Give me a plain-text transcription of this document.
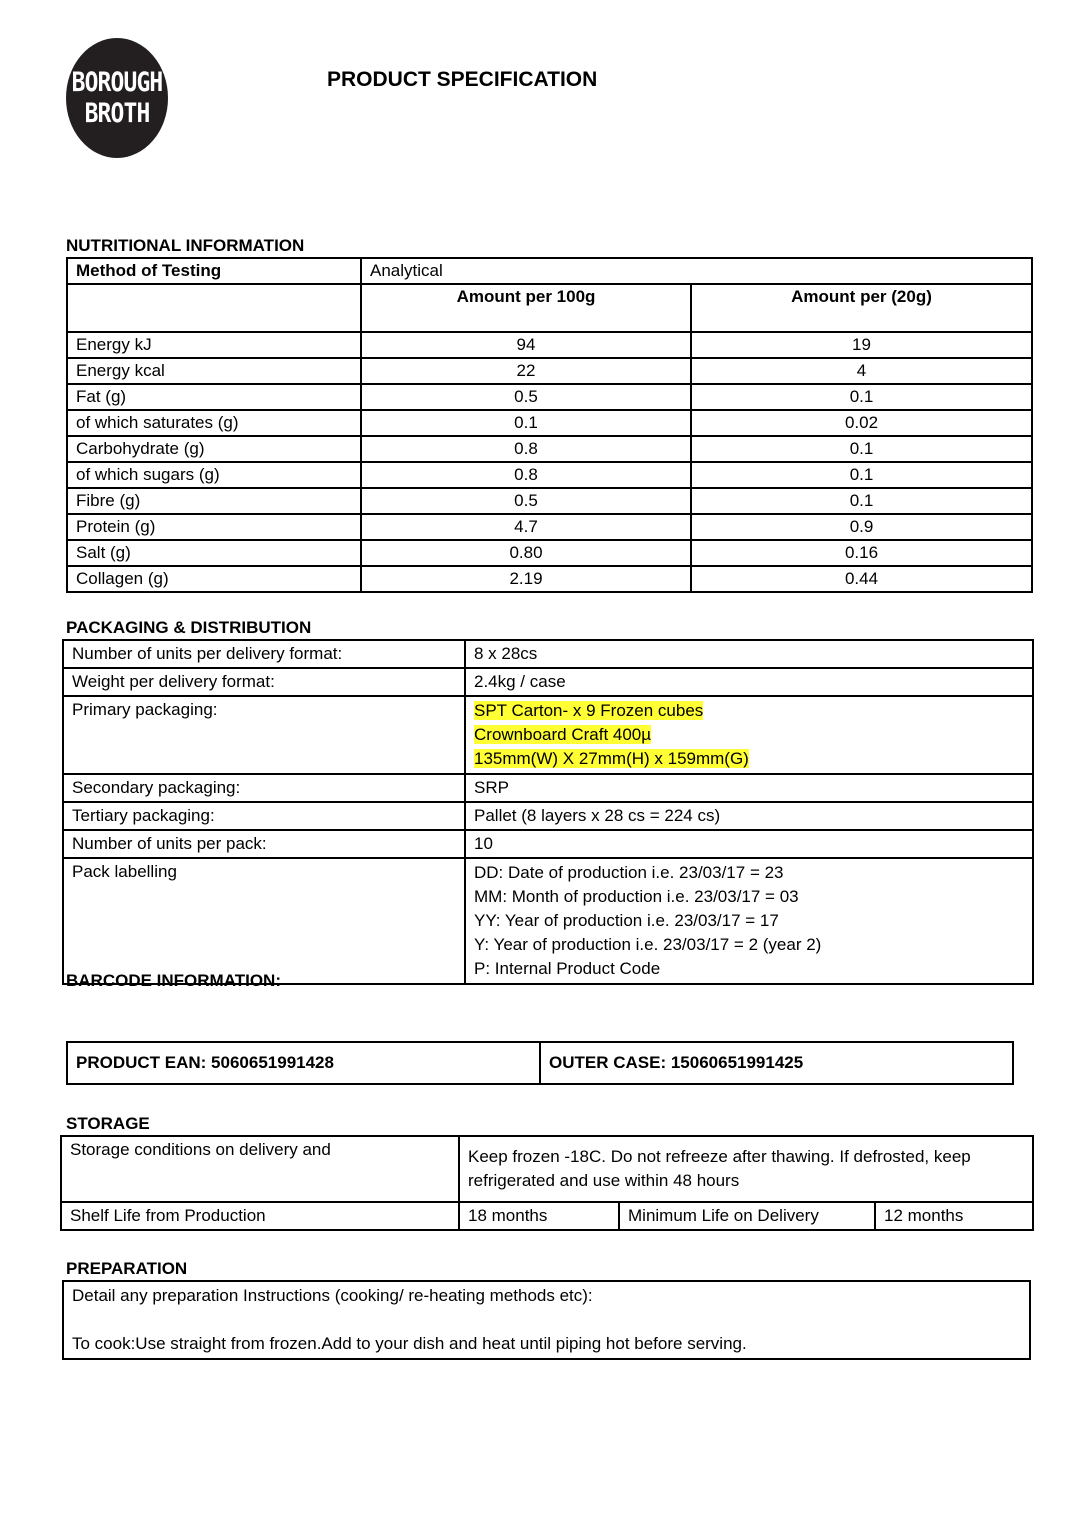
BOROUGH
BROTH
PRODUCT SPECIFICATION
NUTRITIONAL INFORMATION
Method of Testing	Analytical	
	Amount per 100g	Amount per (20g)
Energy kJ	94	19
Energy kcal	22	4
Fat (g)	0.5	0.1
of which saturates (g)	0.1	0.02
Carbohydrate (g)	0.8	0.1
of which sugars (g)	0.8	0.1
Fibre (g)	0.5	0.1
Protein (g)	4.7	0.9
Salt (g)	0.80	0.16
Collagen (g)	2.19	0.44
PACKAGING & DISTRIBUTION
Number of units per delivery format:	8 x 28cs
Weight per delivery format:	2.4kg / case
Primary packaging:	SPT Carton- x 9 Frozen cubes
Crownboard Craft 400µ
135mm(W) X 27mm(H) x 159mm(G)

Secondary packaging:	SRP
Tertiary packaging:	Pallet (8 layers x 28 cs = 224 cs)
Number of units per pack:	10
Pack labelling	DD: Date of production i.e. 23/03/17 = 23
MM: Month of production i.e. 23/03/17 = 03
YY: Year of production i.e. 23/03/17 = 17
Y: Year of production i.e. 23/03/17 = 2 (year 2)
P: Internal Product Code
BARCODE INFORMATION:
PRODUCT EAN: 5060651991428	OUTER CASE: 15060651991425
STORAGE
Storage conditions on delivery and	Keep frozen -18C. Do not refreeze after thawing. If defrosted, keep refrigerated and use within 48 hours		
Shelf Life from Production	18 months	Minimum Life on Delivery	12 months
PREPARATION
Detail any preparation Instructions (cooking/ re-heating methods etc):
To cook:Use straight from frozen.Add to your dish and heat until piping hot before serving.
